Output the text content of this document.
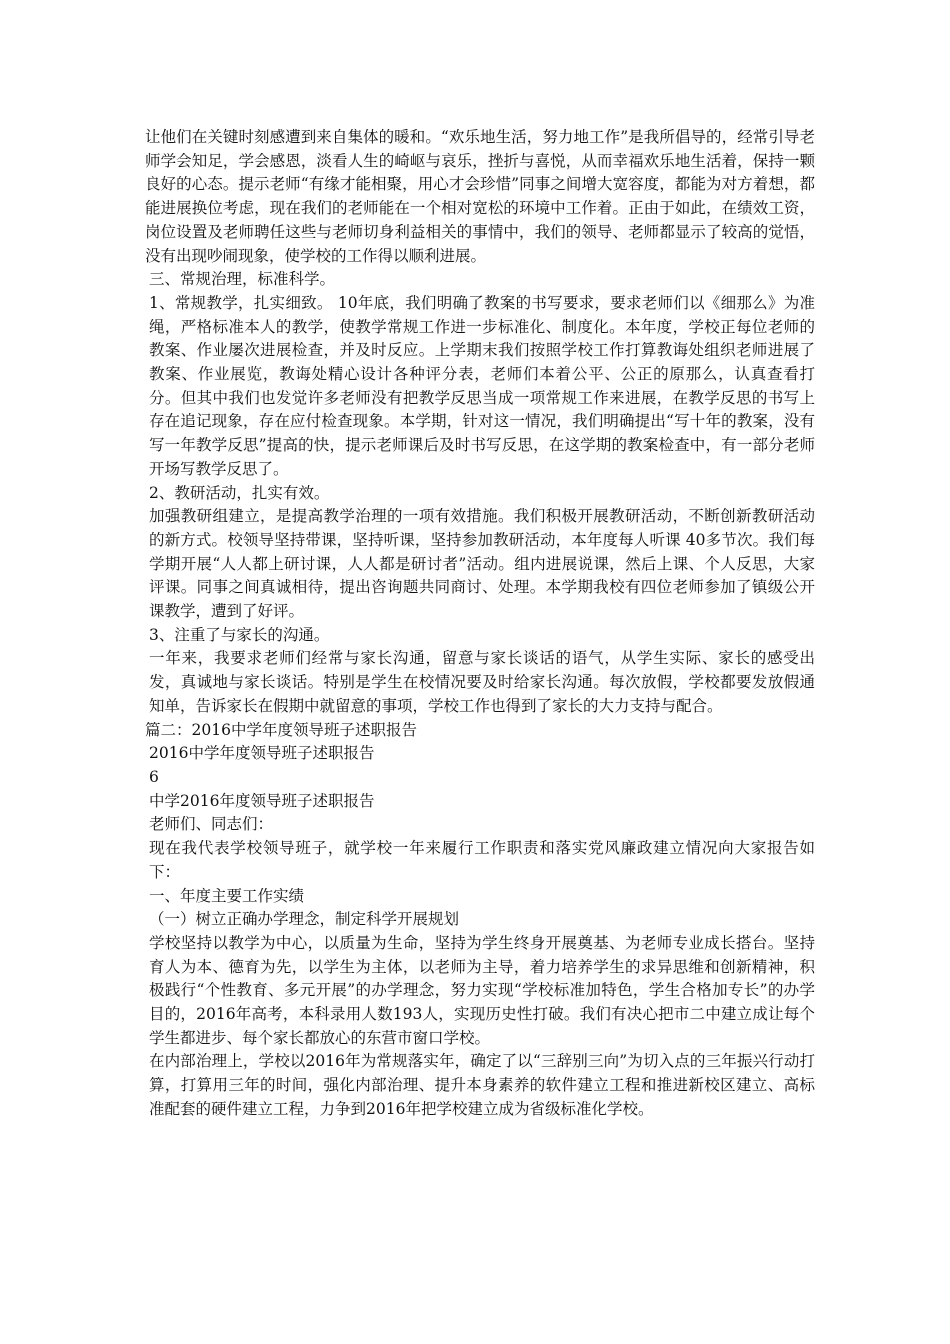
让他们在关键时刻感遭到来自集体的暖和。“欢乐地生活，努力地工作”是我所倡导的，经常引导老师学会知足，学会感恩，淡看人生的崎岖与哀乐，挫折与喜悦，从而幸福欢乐地生活着，保持一颗良好的心态。提示老师“有缘才能相聚，用心才会珍惜”同事之间增大宽容度，都能为对方着想，都能进展换位考虑，现在我们的老师能在一个相对宽松的环境中工作着。正由于如此，在绩效工资，岗位设置及老师聘任这些与老师切身利益相关的事情中，我们的领导、老师都显示了较高的觉悟，没有出现吵闹现象，使学校的工作得以顺利进展。

三、常规治理，标准科学。

1、常规教学，扎实细致。 10年底，我们明确了教案的书写要求，要求老师们以《细那么》为准绳，严格标准本人的教学，使教学常规工作进一步标准化、制度化。本年度，学校正每位老师的教案、作业屡次进展检查，并及时反应。上学期末我们按照学校工作打算教诲处组织老师进展了教案、作业展览，教诲处精心设计各种评分表，老师们本着公平、公正的原那么，认真查看打分。但其中我们也发觉许多老师没有把教学反思当成一项常规工作来进展，在教学反思的书写上存在追记现象，存在应付检查现象。本学期，针对这一情况，我们明确提出“写十年的教案，没有写一年教学反思”提高的快，提示老师课后及时书写反思，在这学期的教案检查中，有一部分老师开场写教学反思了。

2、教研活动，扎实有效。

加强教研组建立，是提高教学治理的一项有效措施。我们积极开展教研活动，不断创新教研活动的新方式。校领导坚持带课，坚持听课，坚持参加教研活动，本年度每人听课 40多节次。我们每学期开展“人人都上研讨课，人人都是研讨者”活动。组内进展说课，然后上课、个人反思，大家评课。同事之间真诚相待，提出咨询题共同商讨、处理。本学期我校有四位老师参加了镇级公开课教学，遭到了好评。

3、注重了与家长的沟通。

一年来，我要求老师们经常与家长沟通，留意与家长谈话的语气，从学生实际、家长的感受出发，真诚地与家长谈话。特别是学生在校情况要及时给家长沟通。每次放假，学校都要发放假通知单，告诉家长在假期中就留意的事项，学校工作也得到了家长的大力支持与配合。

篇二：2016中学年度领导班子述职报告

2016中学年度领导班子述职报告

6

中学2016年度领导班子述职报告

老师们、同志们：

现在我代表学校领导班子，就学校一年来履行工作职责和落实党风廉政建立情况向大家报告如下：

一、年度主要工作实绩

（一）树立正确办学理念，制定科学开展规划

学校坚持以教学为中心，以质量为生命，坚持为学生终身开展奠基、为老师专业成长搭台。坚持育人为本、德育为先，以学生为主体，以老师为主导，着力培养学生的求异思维和创新精神，积极践行“个性教育、多元开展”的办学理念，努力实现“学校标准加特色，学生合格加专长”的办学目的，2016年高考，本科录用人数193人，实现历史性打破。我们有决心把市二中建立成让每个学生都进步、每个家长都放心的东营市窗口学校。

在内部治理上，学校以2016年为常规落实年，确定了以“三辞别三向”为切入点的三年振兴行动打算，打算用三年的时间，强化内部治理、提升本身素养的软件建立工程和推进新校区建立、高标准配套的硬件建立工程，力争到2016年把学校建立成为省级标准化学校。
